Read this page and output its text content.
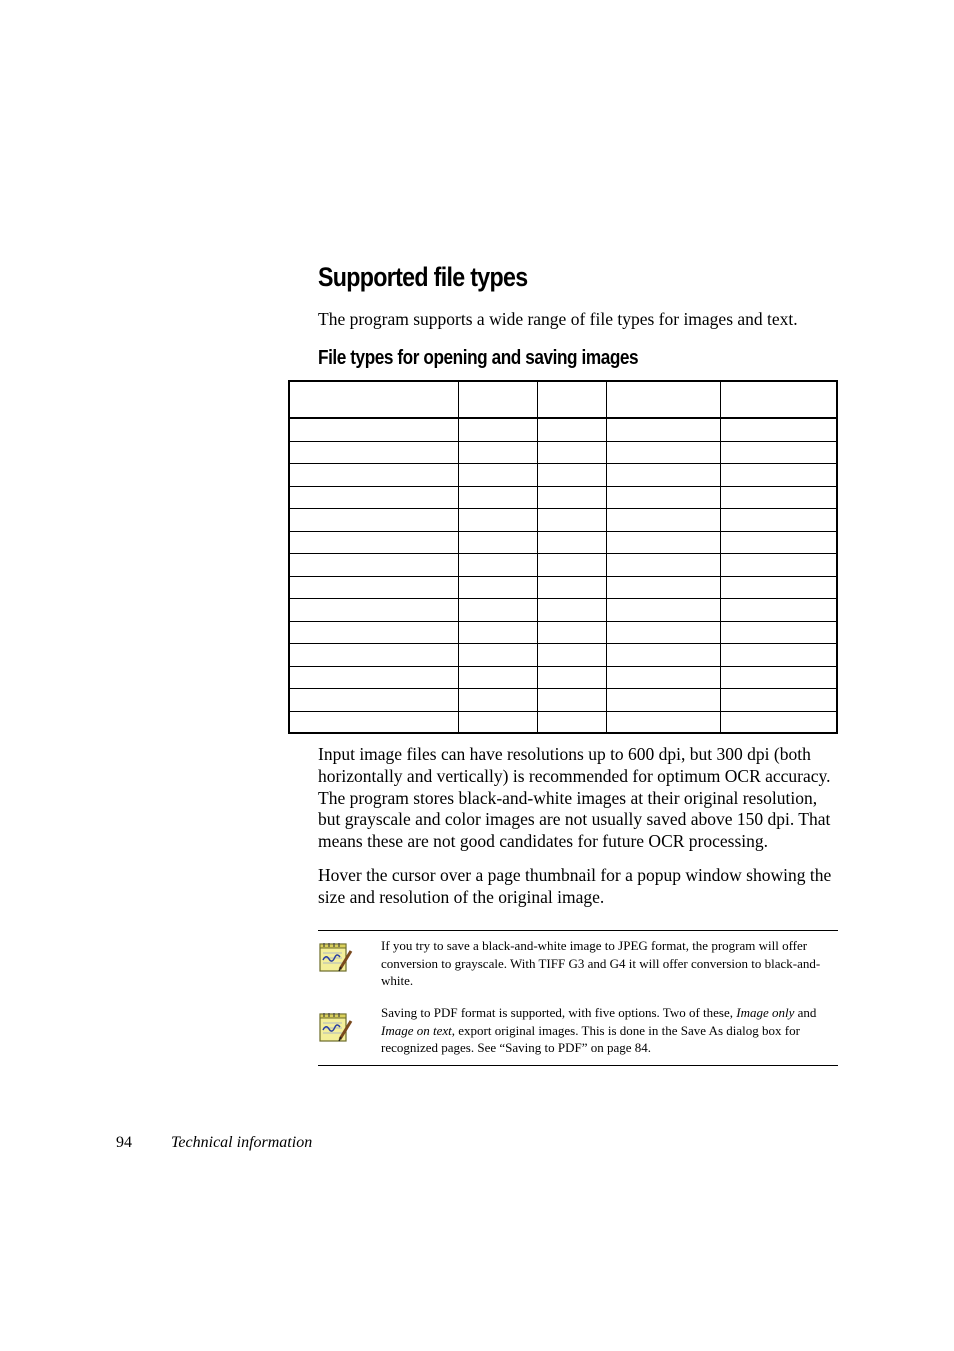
Supported file types

The program supports a wide range of file types for images and text.

File types for opening and saving images

Input image files can have resolutions up to 600 dpi, but 300 dpi (both horizontally and vertically) is recommended for optimum OCR accuracy. The program stores black-and-white images at their original resolution, but grayscale and color images are not usually saved above 150 dpi. That means these are not good candidates for future OCR processing.

Hover the cursor over a page thumbnail for a popup window showing the size and resolution of the original image.

If you try to save a black-and-white image to JPEG format, the program will offer conversion to grayscale. With TIFF G3 and G4 it will offer conversion to black-and-white.

Saving to PDF format is supported, with five options. Two of these, Image only and Image on text, export original images. This is done in the Save As dialog box for recognized pages. See “Saving to PDF” on page 84.

94 Technical information
